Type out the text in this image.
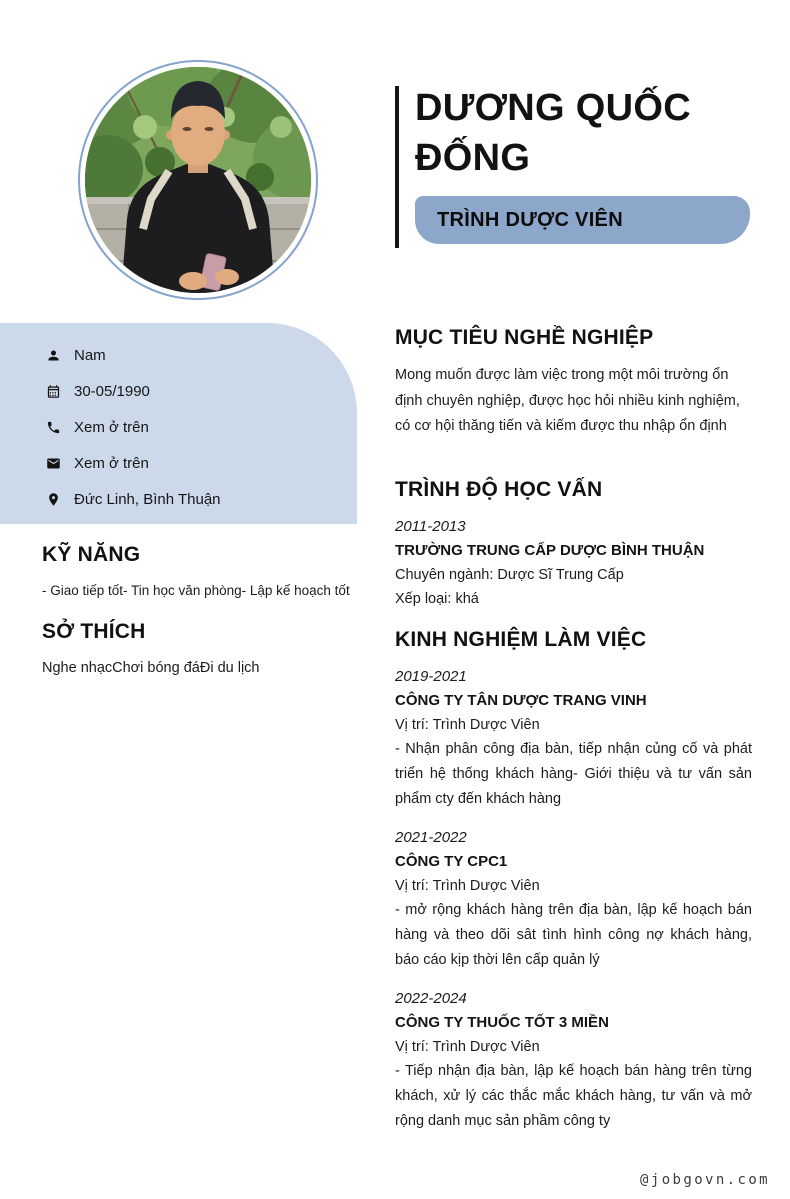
DƯƠNG QUỐC ĐỐNG
TRÌNH DƯỢC VIÊN
Nam
30-05/1990
Xem ở trên
Xem ở trên
Đức Linh, Bình Thuận
KỸ NĂNG
- Giao tiếp tốt- Tin học văn phòng- Lập kế hoạch tốt
SỞ THÍCH
Nghe nhạcChơi bóng đáĐi du lịch
MỤC TIÊU NGHỀ NGHIỆP

Mong muốn được làm việc trong một môi trường ổn định chuyên nghiệp, được học hỏi nhiều kinh nghiệm, có cơ hội thăng tiến và kiếm được thu nhập ổn định

TRÌNH ĐỘ HỌC VẤN
2011-2013
TRƯỜNG TRUNG CẤP DƯỢC BÌNH THUẬN
Chuyên ngành: Dược Sĩ Trung Cấp
Xếp loại: khá
KINH NGHIỆM LÀM VIỆC
2019-2021
CÔNG TY TÂN DƯỢC TRANG VINH
Vị trí: Trình Dược Viên
- Nhận phân công địa bàn, tiếp nhận củng cố và phát triển hệ thống khách hàng- Giới thiệu và tư vấn sản phẩm cty đến khách hàng
2021-2022
CÔNG TY CPC1
Vị trí: Trình Dược Viên
- mở rộng khách hàng trên địa bàn, lập kế hoạch bán hàng và theo dõi sât tình hình công nợ khách hàng, báo cáo kịp thời lên cấp quản lý
2022-2024
CÔNG TY THUỐC TỐT 3 MIỀN
Vị trí: Trình Dược Viên
- Tiếp nhận địa bàn, lập kế hoạch bán hàng trên từng khách, xử lý các thắc mắc khách hàng, tư vấn và mở rộng danh mục sản phầm công ty
@jobgovn.com
